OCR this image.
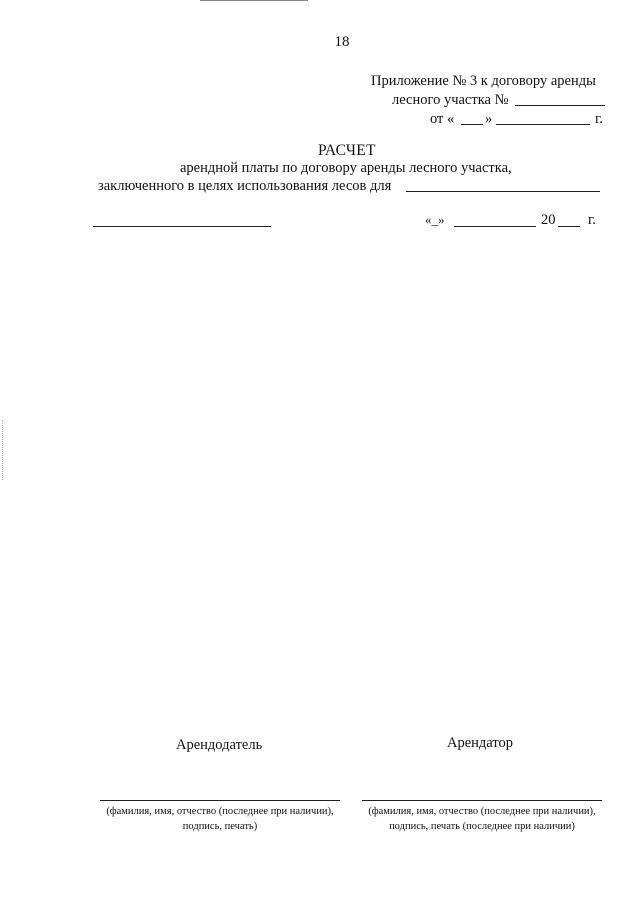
18
Приложение № 3 к договору аренды
лесного участка №
от « »	г.
РАСЧЕТ
арендной платы по договору аренды лесного участка,
заключенного в целях использования лесов для
«_»	20 г.
Арендодатель	Арендатор
(фамилия, имя, отчество (последнее при наличии),
подпись, печать)
(фамилия, имя, отчество (последнее при наличии),
подпись, печать (последнее при наличии)
